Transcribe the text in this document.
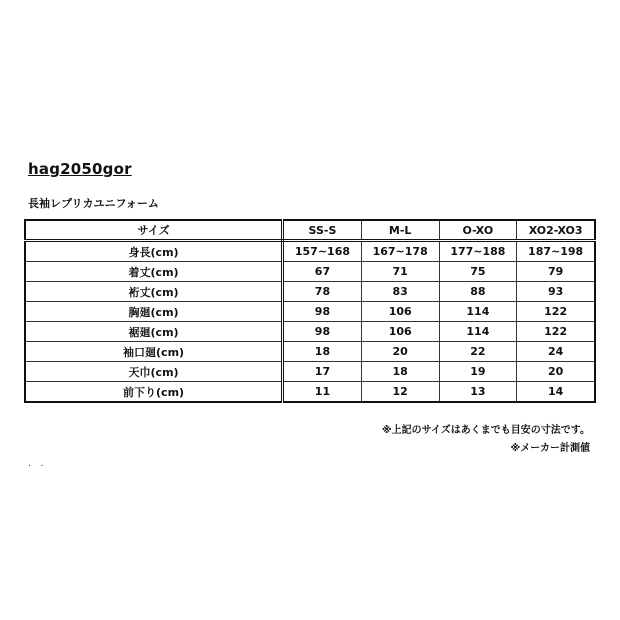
hag2050gor
長袖レプリカユニフォーム
サイズ	SS-S	M-L	O-XO	XO2-XO3
身長(cm)	157~168	167~178	177~188	187~198
着丈(cm)	67	71	75	79
裄丈(cm)	78	83	88	93
胸廻(cm)	98	106	114	122
裾廻(cm)	98	106	114	122
袖口廻(cm)	18	20	22	24
天巾(cm)	17	18	19	20
前下り(cm)	11	12	13	14
※上記のサイズはあくまでも目安の寸法です。
※メーカー計測値
. .
